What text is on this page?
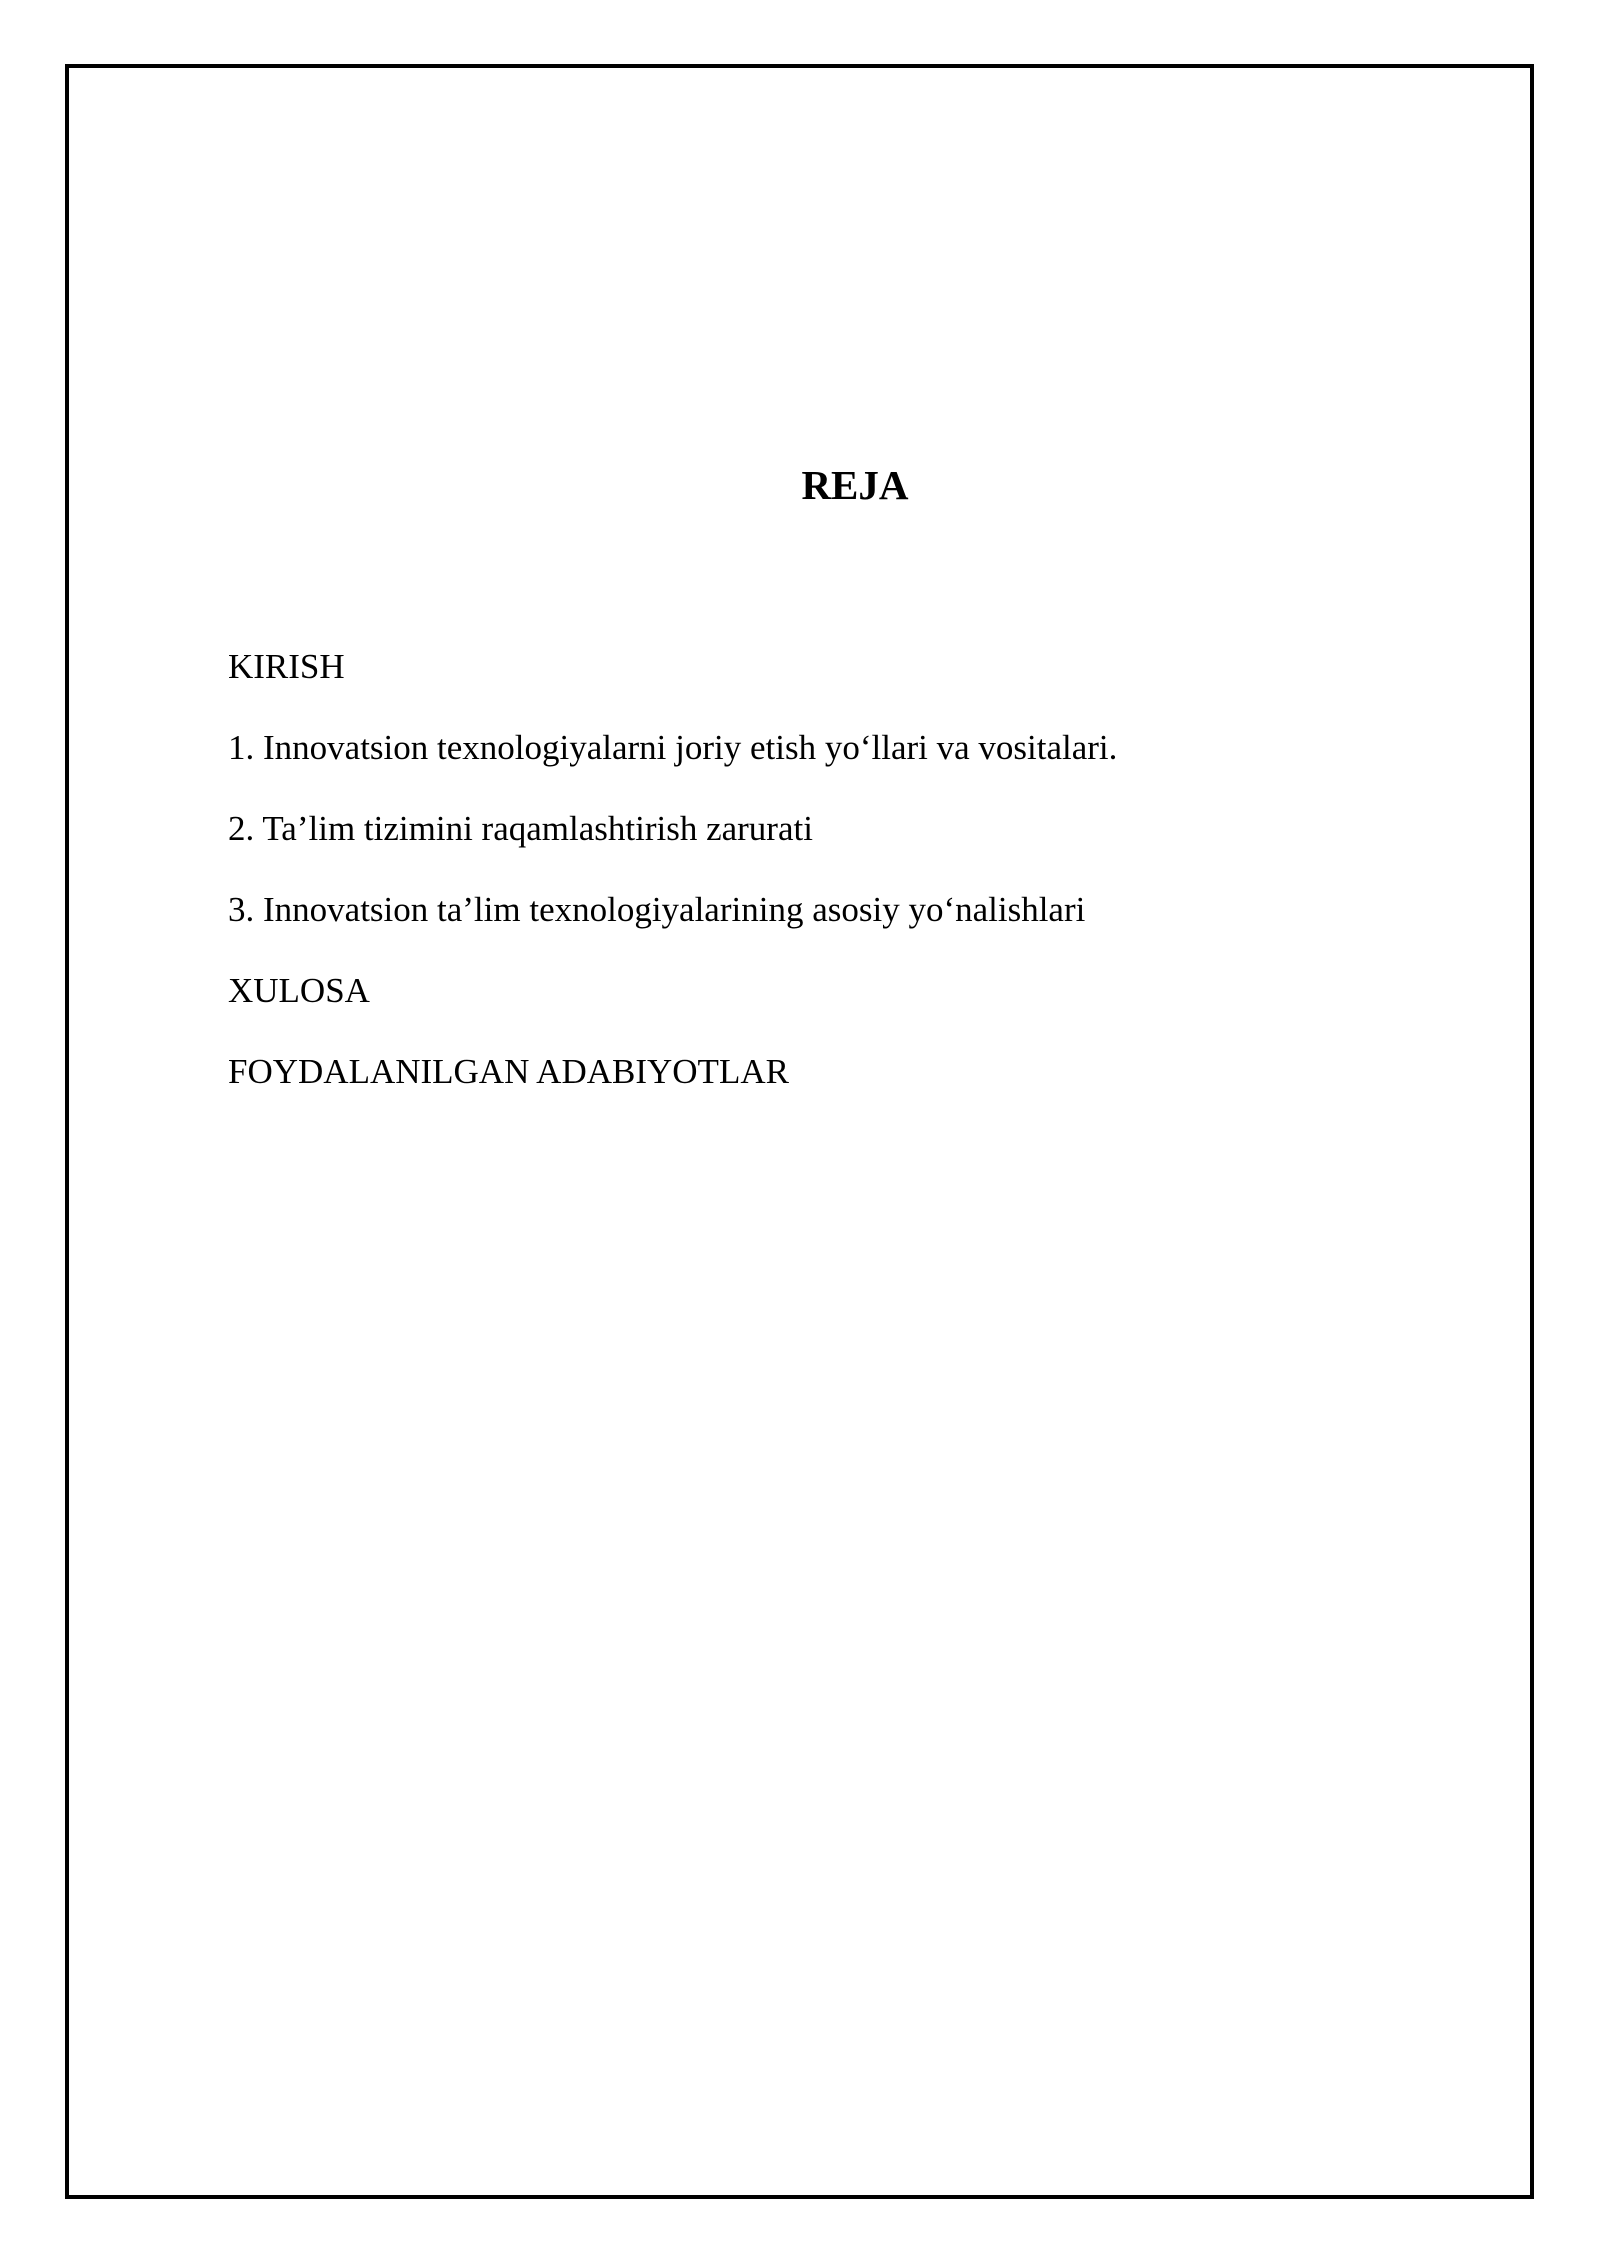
REJA
KIRISH
1. Innovatsion texnologiyalarni joriy etish yo‘llari va vositalari.
2. Ta’lim tizimini raqamlashtirish zarurati
3. Innovatsion ta’lim texnologiyalarining asosiy yo‘nalishlari
XULOSA
FOYDALANILGAN ADABIYOTLAR
